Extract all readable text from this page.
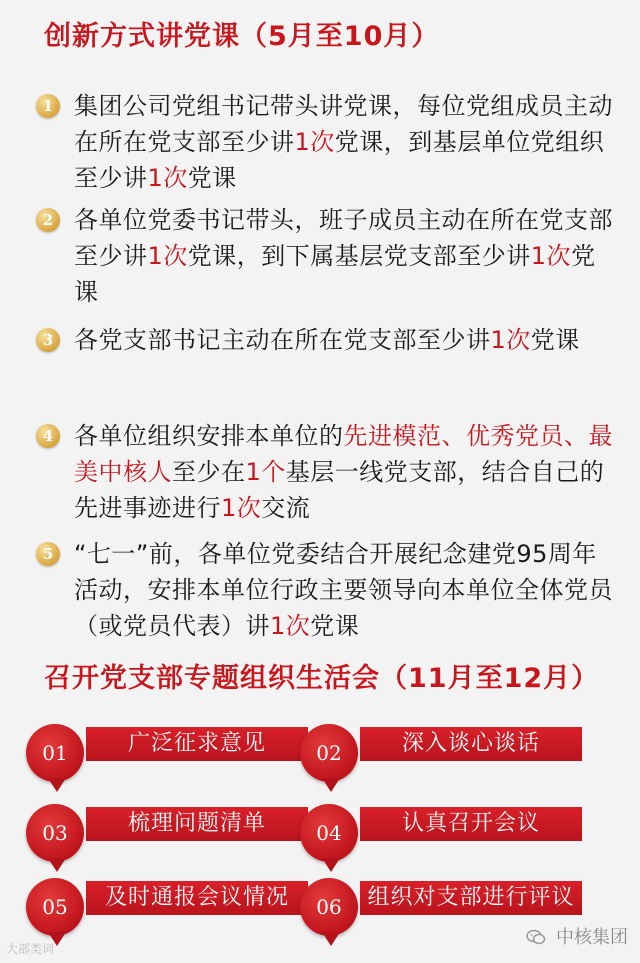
创新方式讲党课（5月至10月）
1 集团公司党组书记带头讲党课，每位党组成员主动在所在党支部至少讲1次党课，到基层单位党组织至少讲1次党课
2 各单位党委书记带头，班子成员主动在所在党支部至少讲1次党课，到下属基层党支部至少讲1次党课
3 各党支部书记主动在所在党支部至少讲1次党课
4 各单位组织安排本单位的先进模范、优秀党员、最美中核人至少在1个基层一线党支部，结合自己的先进事迹进行1次交流
5 “七一”前，各单位党委结合开展纪念建党95周年活动，安排本单位行政主要领导向本单位全体党员（或党员代表）讲1次党课
召开党支部专题组织生活会（11月至12月）
01	广泛征求意见	02	深入谈心谈话
03	梳理问题清单	04	认真召开会议
05	及时通报会议情况	06	组织对支部进行评议
大部类词
中核集团
